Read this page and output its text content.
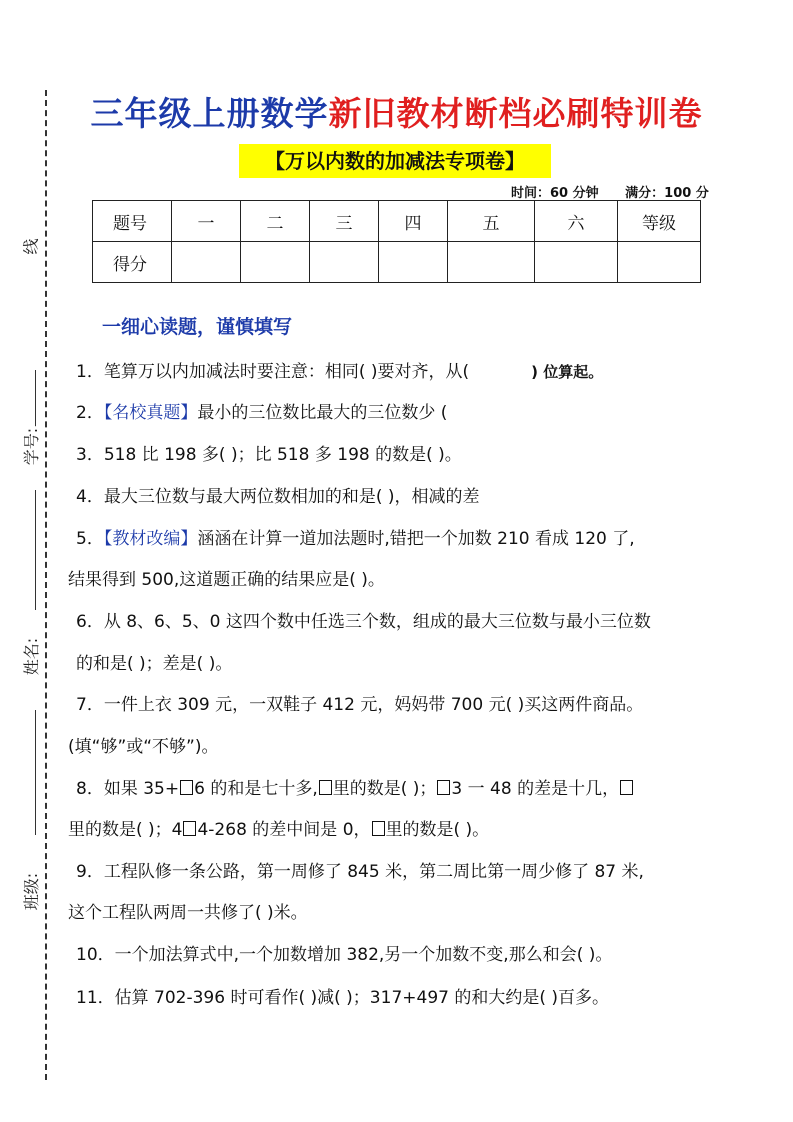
线
学号:
姓名:
班级:
三年级上册数学新旧教材断档必刷特训卷
【万以内数的加减法专项卷】
时间：60 分钟 满分：100 分
题号	一	二	三	四	五	六	等级
得分							
一细心读题，谨慎填写
1．笔算万以内加减法时要注意：相同( )要对齐，从(	) 位算起。
2．【名校真题】最小的三位数比最大的三位数少 (
3．518 比 198 多( )；比 518 多 198 的数是( )。
4．最大三位数与最大两位数相加的和是( )，相减的差
5．【教材改编】涵涵在计算一道加法题时,错把一个加数 210 看成 120 了,
结果得到 500,这道题正确的结果应是( )。
6．从 8、6、5、0 这四个数中任选三个数，组成的最大三位数与最小三位数
的和是( )；差是( )。
7．一件上衣 309 元，一双鞋子 412 元，妈妈带 700 元( )买这两件商品。
(填“够”或“不够”)。
8．如果 35+ 6 的和是七十多, 里的数是( )； 3 一 48 的差是十几，
里的数是( )；4 4-268 的差中间是 0， 里的数是( )。
9．工程队修一条公路，第一周修了 845 米，第二周比第一周少修了 87 米,
这个工程队两周一共修了( )米。
10．一个加法算式中,一个加数增加 382,另一个加数不变,那么和会( )。
11．估算 702-396 时可看作( )减( )；317+497 的和大约是( )百多。
